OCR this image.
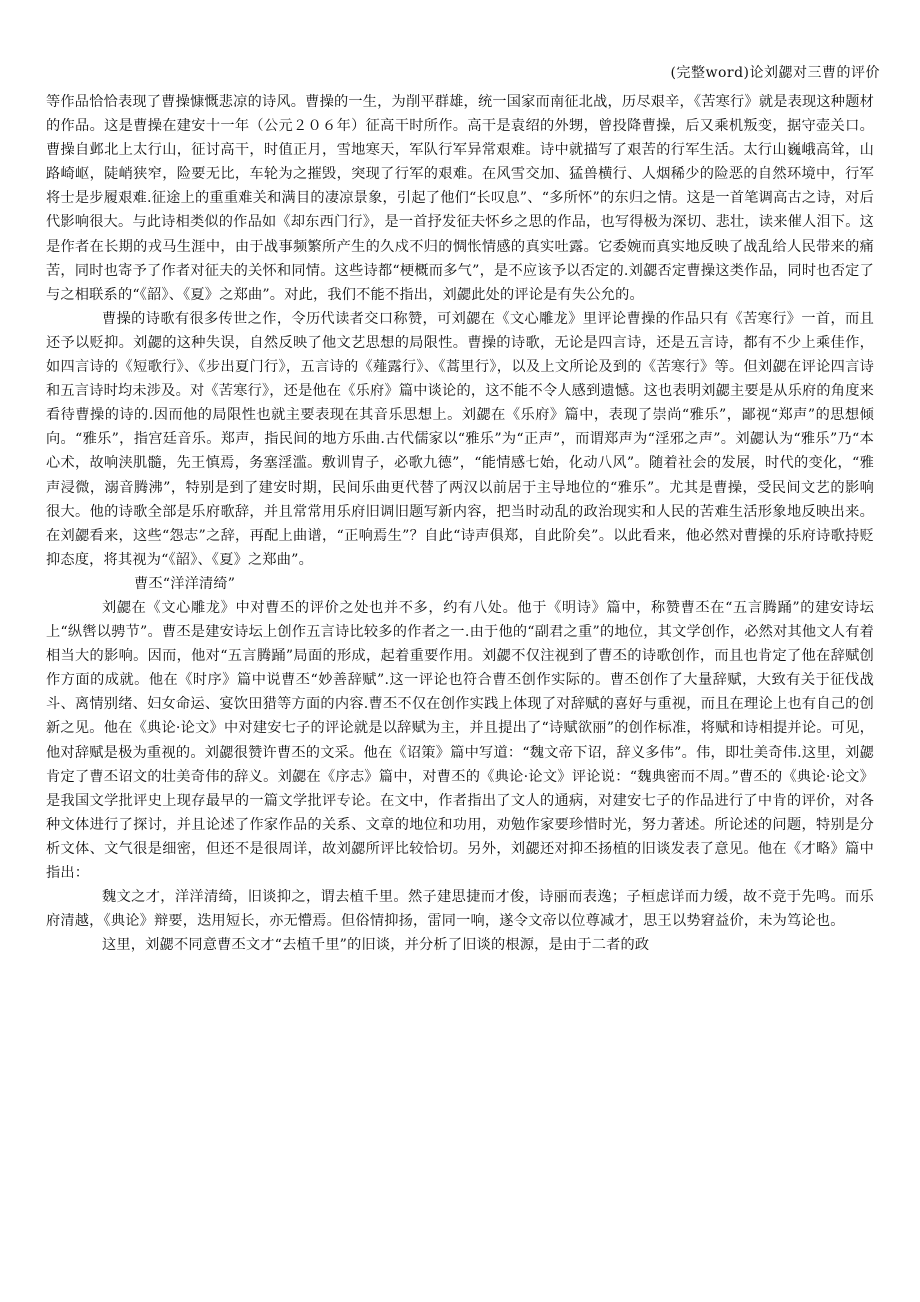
(完整word)论刘勰对三曹的评价

等作品恰恰表现了曹操慷慨悲凉的诗风。曹操的一生，为削平群雄，统一国家而南征北战，历尽艰辛，《苦寒行》就是表现这种题材的作品。这是曹操在建安十一年（公元２０６年）征高干时所作。高干是袁绍的外甥，曾投降曹操，后又乘机叛变，据守壶关口。曹操自邺北上太行山，征讨高干，时值正月，雪地寒天，军队行军异常艰难。诗中就描写了艰苦的行军生活。太行山巍峨高耸，山路崎岖，陡峭狭窄，险要无比，车轮为之摧毁，突现了行军的艰难。在风雪交加、猛兽横行、人烟稀少的险恶的自然环境中，行军将士是步履艰难.征途上的重重难关和满目的凄凉景象，引起了他们“长叹息”、“多所怀”的东归之情。这是一首笔调高古之诗，对后代影响很大。与此诗相类似的作品如《却东西门行》，是一首抒发征夫怀乡之思的作品，也写得极为深切、悲壮，读来催人泪下。这是作者在长期的戎马生涯中，由于战事频繁所产生的久戍不归的惆怅情感的真实吐露。它委婉而真实地反映了战乱给人民带来的痛苦，同时也寄予了作者对征夫的关怀和同情。这些诗都“梗概而多气”，是不应该予以否定的.刘勰否定曹操这类作品，同时也否定了与之相联系的“《韶》、《夏》之郑曲”。对此，我们不能不指出，刘勰此处的评论是有失公允的。

曹操的诗歌有很多传世之作，令历代读者交口称赞，可刘勰在《文心雕龙》里评论曹操的作品只有《苦寒行》一首，而且还予以贬抑。刘勰的这种失误，自然反映了他文艺思想的局限性。曹操的诗歌，无论是四言诗，还是五言诗，都有不少上乘佳作，如四言诗的《短歌行》、《步出夏门行》，五言诗的《薤露行》、《蒿里行》，以及上文所论及到的《苦寒行》等。但刘勰在评论四言诗和五言诗时均未涉及。对《苦寒行》，还是他在《乐府》篇中谈论的，这不能不令人感到遗憾。这也表明刘勰主要是从乐府的角度来看待曹操的诗的.因而他的局限性也就主要表现在其音乐思想上。刘勰在《乐府》篇中，表现了崇尚“雅乐”，鄙视“郑声”的思想倾向。“雅乐”，指宫廷音乐。郑声，指民间的地方乐曲.古代儒家以“雅乐”为“正声”，而谓郑声为“淫邪之声”。刘勰认为“雅乐”乃“本心术，故响浃肌髓，先王慎焉，务塞淫滥。敷训胄子，必歌九德”，“能情感七始，化动八风”。随着社会的发展，时代的变化，“雅声浸微，溺音腾沸”，特别是到了建安时期，民间乐曲更代替了两汉以前居于主导地位的“雅乐”。尤其是曹操，受民间文艺的影响很大。他的诗歌全部是乐府歌辞，并且常常用乐府旧调旧题写新内容，把当时动乱的政治现实和人民的苦难生活形象地反映出来。在刘勰看来，这些“怨志”之辞，再配上曲谱，“正响焉生”？自此“诗声俱郑，自此阶矣”。以此看来，他必然对曹操的乐府诗歌持贬抑态度，将其视为“《韶》、《夏》之郑曲”。

曹丕“洋洋清绮”

刘勰在《文心雕龙》中对曹丕的评价之处也并不多，约有八处。他于《明诗》篇中，称赞曹丕在“五言腾踊”的建安诗坛上“纵辔以骋节”。曹丕是建安诗坛上创作五言诗比较多的作者之一.由于他的“副君之重”的地位，其文学创作，必然对其他文人有着相当大的影响。因而，他对“五言腾踊”局面的形成，起着重要作用。刘勰不仅注视到了曹丕的诗歌创作，而且也肯定了他在辞赋创作方面的成就。他在《时序》篇中说曹丕“妙善辞赋”.这一评论也符合曹丕创作实际的。曹丕创作了大量辞赋，大致有关于征伐战斗、离情别绪、妇女命运、宴饮田猎等方面的内容.曹丕不仅在创作实践上体现了对辞赋的喜好与重视，而且在理论上也有自己的创新之见。他在《典论·论文》中对建安七子的评论就是以辞赋为主，并且提出了“诗赋欲丽”的创作标准，将赋和诗相提并论。可见，他对辞赋是极为重视的。刘勰很赞许曹丕的文采。他在《诏策》篇中写道：“魏文帝下诏，辞义多伟”。伟，即壮美奇伟.这里，刘勰肯定了曹丕诏文的壮美奇伟的辞义。刘勰在《序志》篇中，对曹丕的《典论·论文》评论说：“魏典密而不周。”曹丕的《典论·论文》是我国文学批评史上现存最早的一篇文学批评专论。在文中，作者指出了文人的通病，对建安七子的作品进行了中肯的评价，对各种文体进行了探讨，并且论述了作家作品的关系、文章的地位和功用，劝勉作家要珍惜时光，努力著述。所论述的问题，特别是分析文体、文气很是细密，但还不是很周详，故刘勰所评比较恰切。另外，刘勰还对抑丕扬植的旧谈发表了意见。他在《才略》篇中指出：

魏文之才，洋洋清绮，旧谈抑之，谓去植千里。然子建思捷而才俊，诗丽而表逸；子桓虑详而力缓，故不竞于先鸣。而乐府清越，《典论》辩要，迭用短长，亦无懵焉。但俗情抑扬，雷同一响，遂令文帝以位尊减才，思王以势窘益价，未为笃论也。

这里，刘勰不同意曹丕文才“去植千里”的旧谈，并分析了旧谈的根源，是由于二者的政
